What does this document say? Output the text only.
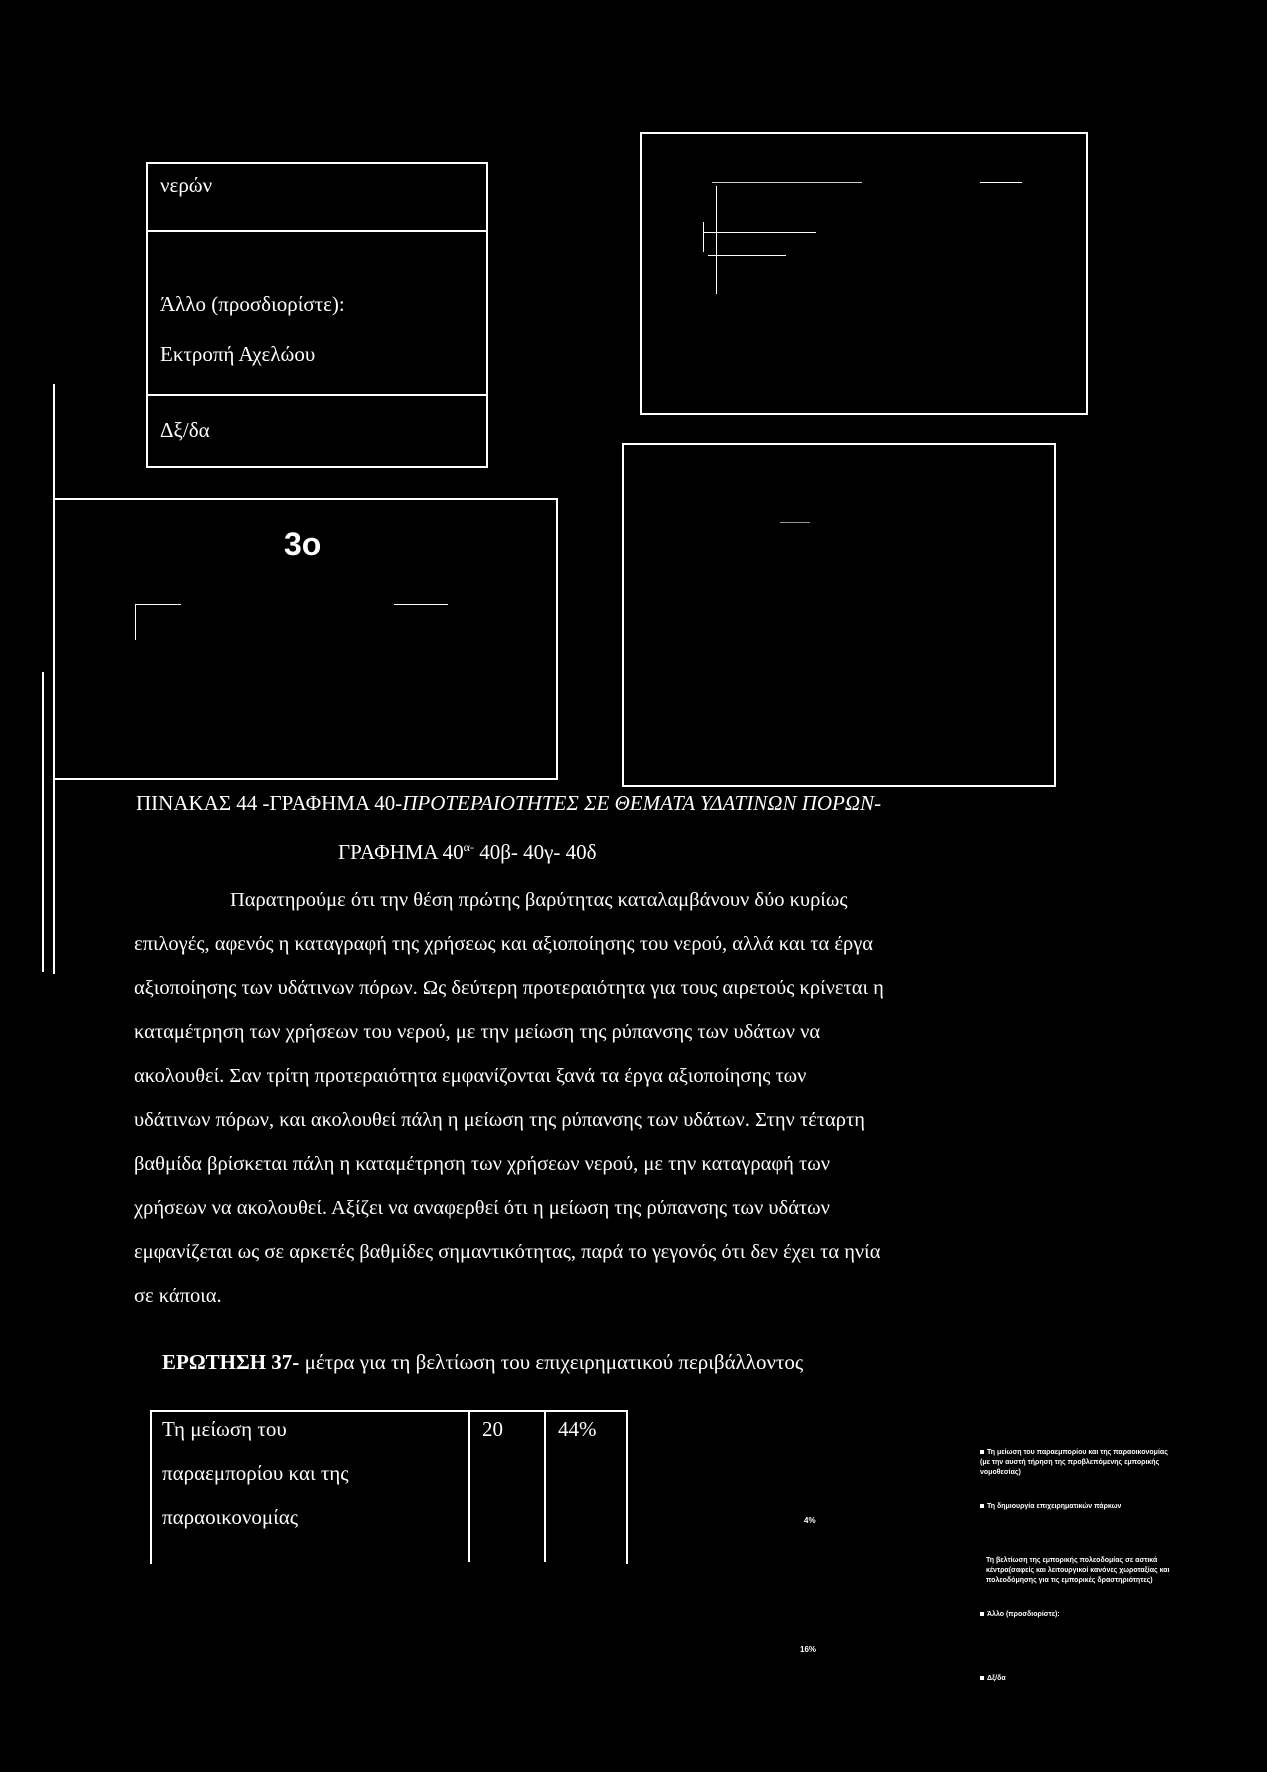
νερών
Άλλο (προσδιορίστε):
Εκτροπή Αχελώου
Δξ/δα
3ο
ΠΙΝΑΚΑΣ 44 -ΓΡΑΦΗΜΑ 40-ΠΡΟΤΕΡΑΙΟΤΗΤΕΣ ΣΕ ΘΕΜΑΤΑ ΥΔΑΤΙΝΩΝ ΠΟΡΩΝ-
ΓΡΑΦΗΜΑ $40^{\alpha-}$ 40β- 40γ- 40δ
Παρατηρούμε ότι την θέση πρώτης βαρύτητας καταλαμβάνουν δύο κυρίως
επιλογές, αφενός η καταγραφή της χρήσεως και αξιοποίησης του νερού, αλλά και τα έργα
αξιοποίησης των υδάτινων πόρων. Ως δεύτερη προτεραιότητα για τους αιρετούς κρίνεται η
καταμέτρηση των χρήσεων του νερού, με την μείωση της ρύπανσης των υδάτων να
ακολουθεί. Σαν τρίτη προτεραιότητα εμφανίζονται ξανά τα έργα αξιοποίησης των
υδάτινων πόρων, και ακολουθεί πάλη η μείωση της ρύπανσης των υδάτων. Στην τέταρτη
βαθμίδα βρίσκεται πάλη η καταμέτρηση των χρήσεων νερού, με την καταγραφή των
χρήσεων να ακολουθεί. Αξίζει να αναφερθεί ότι η μείωση της ρύπανσης των υδάτων
εμφανίζεται ως σε αρκετές βαθμίδες σημαντικότητας, παρά το γεγονός ότι δεν έχει τα ηνία
σε κάποια.
ΕΡΩΤΗΣΗ 37- μέτρα για τη βελτίωση του επιχειρηματικού περιβάλλοντος
Τη μείωση του
παραεμπορίου και της
παραοικονομίας
20	44%
4%
16%
Τη μείωση του παραεμπορίου και της παραοικονομίας (με την αυστή τήρηση της προβλεπόμενης εμπορικής νομοθεσίας)
Τη δημιουργία επιχειρηματικών πάρκων
Τη βελτίωση της εμπορικής πολεοδομίας σε αστικά κέντρα(σαφείς και λειτουργικοί κανόνες χωροταξίας και πολεοδόμησης για τις εμπορικές δραστηριότητες)
Άλλο (προσδιορίστε):
Δξ/δα
